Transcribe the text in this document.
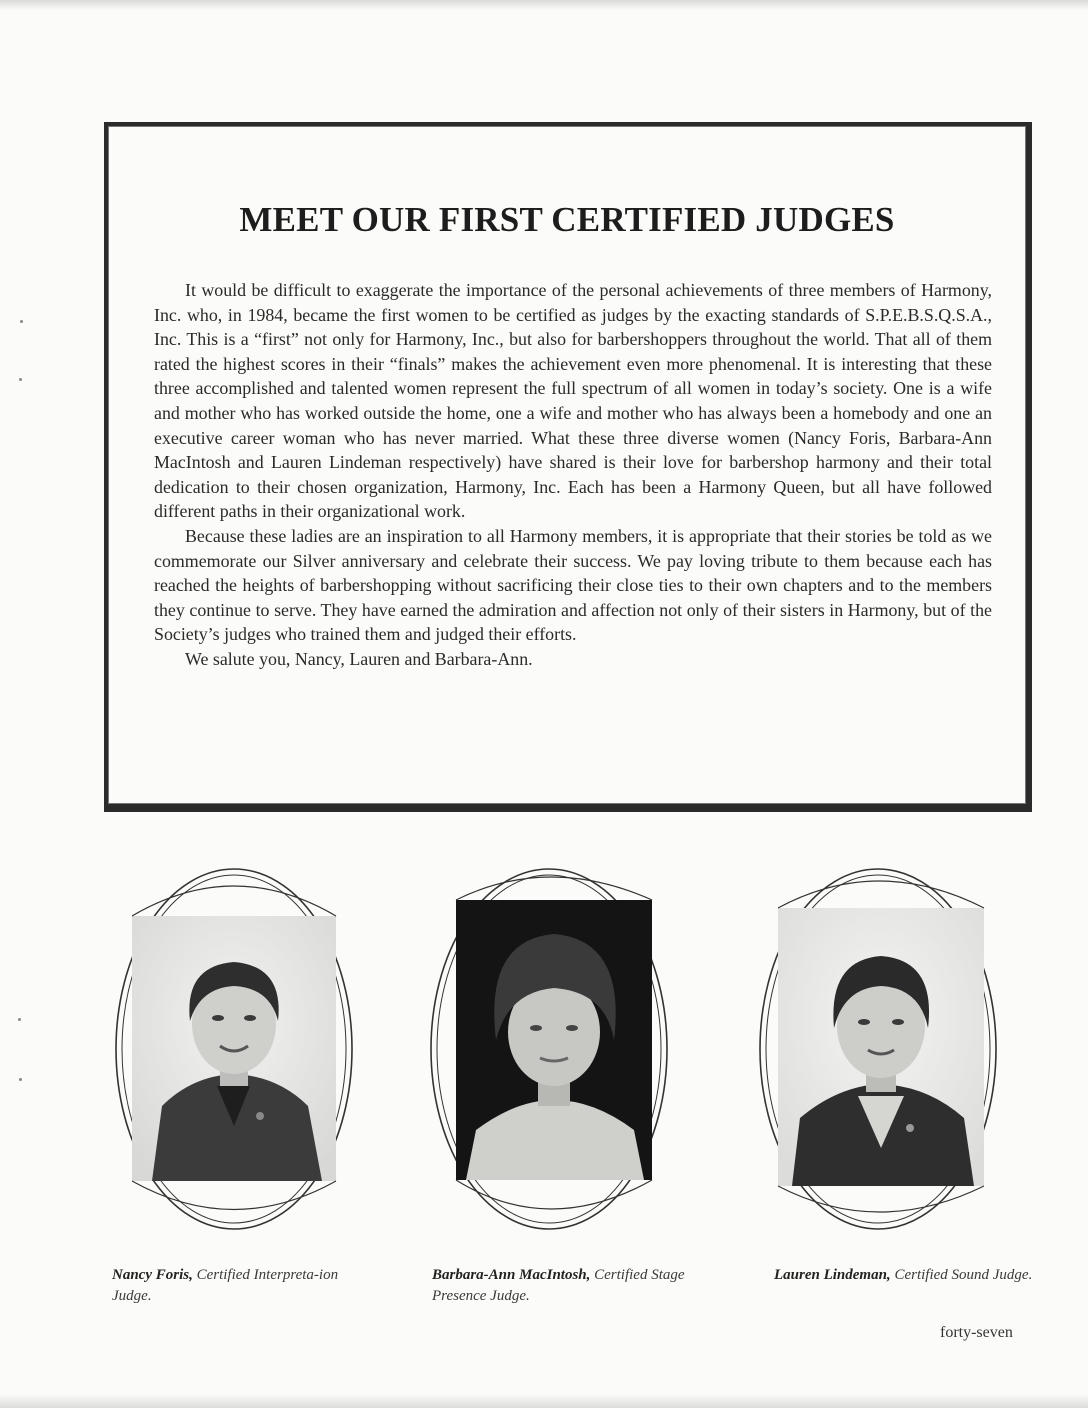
MEET OUR FIRST CERTIFIED JUDGES

It would be difficult to exaggerate the importance of the personal achievements of three members of Harmony, Inc. who, in 1984, became the first women to be certified as judges by the exacting standards of S.P.E.B.S.Q.S.A., Inc. This is a “first” not only for Harmony, Inc., but also for barbershoppers throughout the world. That all of them rated the highest scores in their “finals” makes the achievement even more phenomenal. It is interesting that these three accomplished and talented women represent the full spectrum of all women in today’s society. One is a wife and mother who has worked outside the home, one a wife and mother who has always been a homebody and one an executive career woman who has never married. What these three diverse women (Nancy Foris, Barbara-Ann MacIntosh and Lauren Lindeman respectively) have shared is their love for barbershop harmony and their total dedication to their chosen organization, Harmony, Inc. Each has been a Harmony Queen, but all have followed different paths in their organizational work.

Because these ladies are an inspiration to all Harmony members, it is appropriate that their stories be told as we commemorate our Silver anniversary and celebrate their success. We pay loving tribute to them because each has reached the heights of barbershopping without sacrificing their close ties to their own chapters and to the members they continue to serve. They have earned the admiration and affection not only of their sisters in Harmony, but of the Society’s judges who trained them and judged their efforts.

We salute you, Nancy, Lauren and Barbara-Ann.

Nancy Foris, Certified Interpreta-ion Judge.
Barbara-Ann MacIntosh, Certified Stage Presence Judge.
Lauren Lindeman, Certified Sound Judge.
forty-seven
